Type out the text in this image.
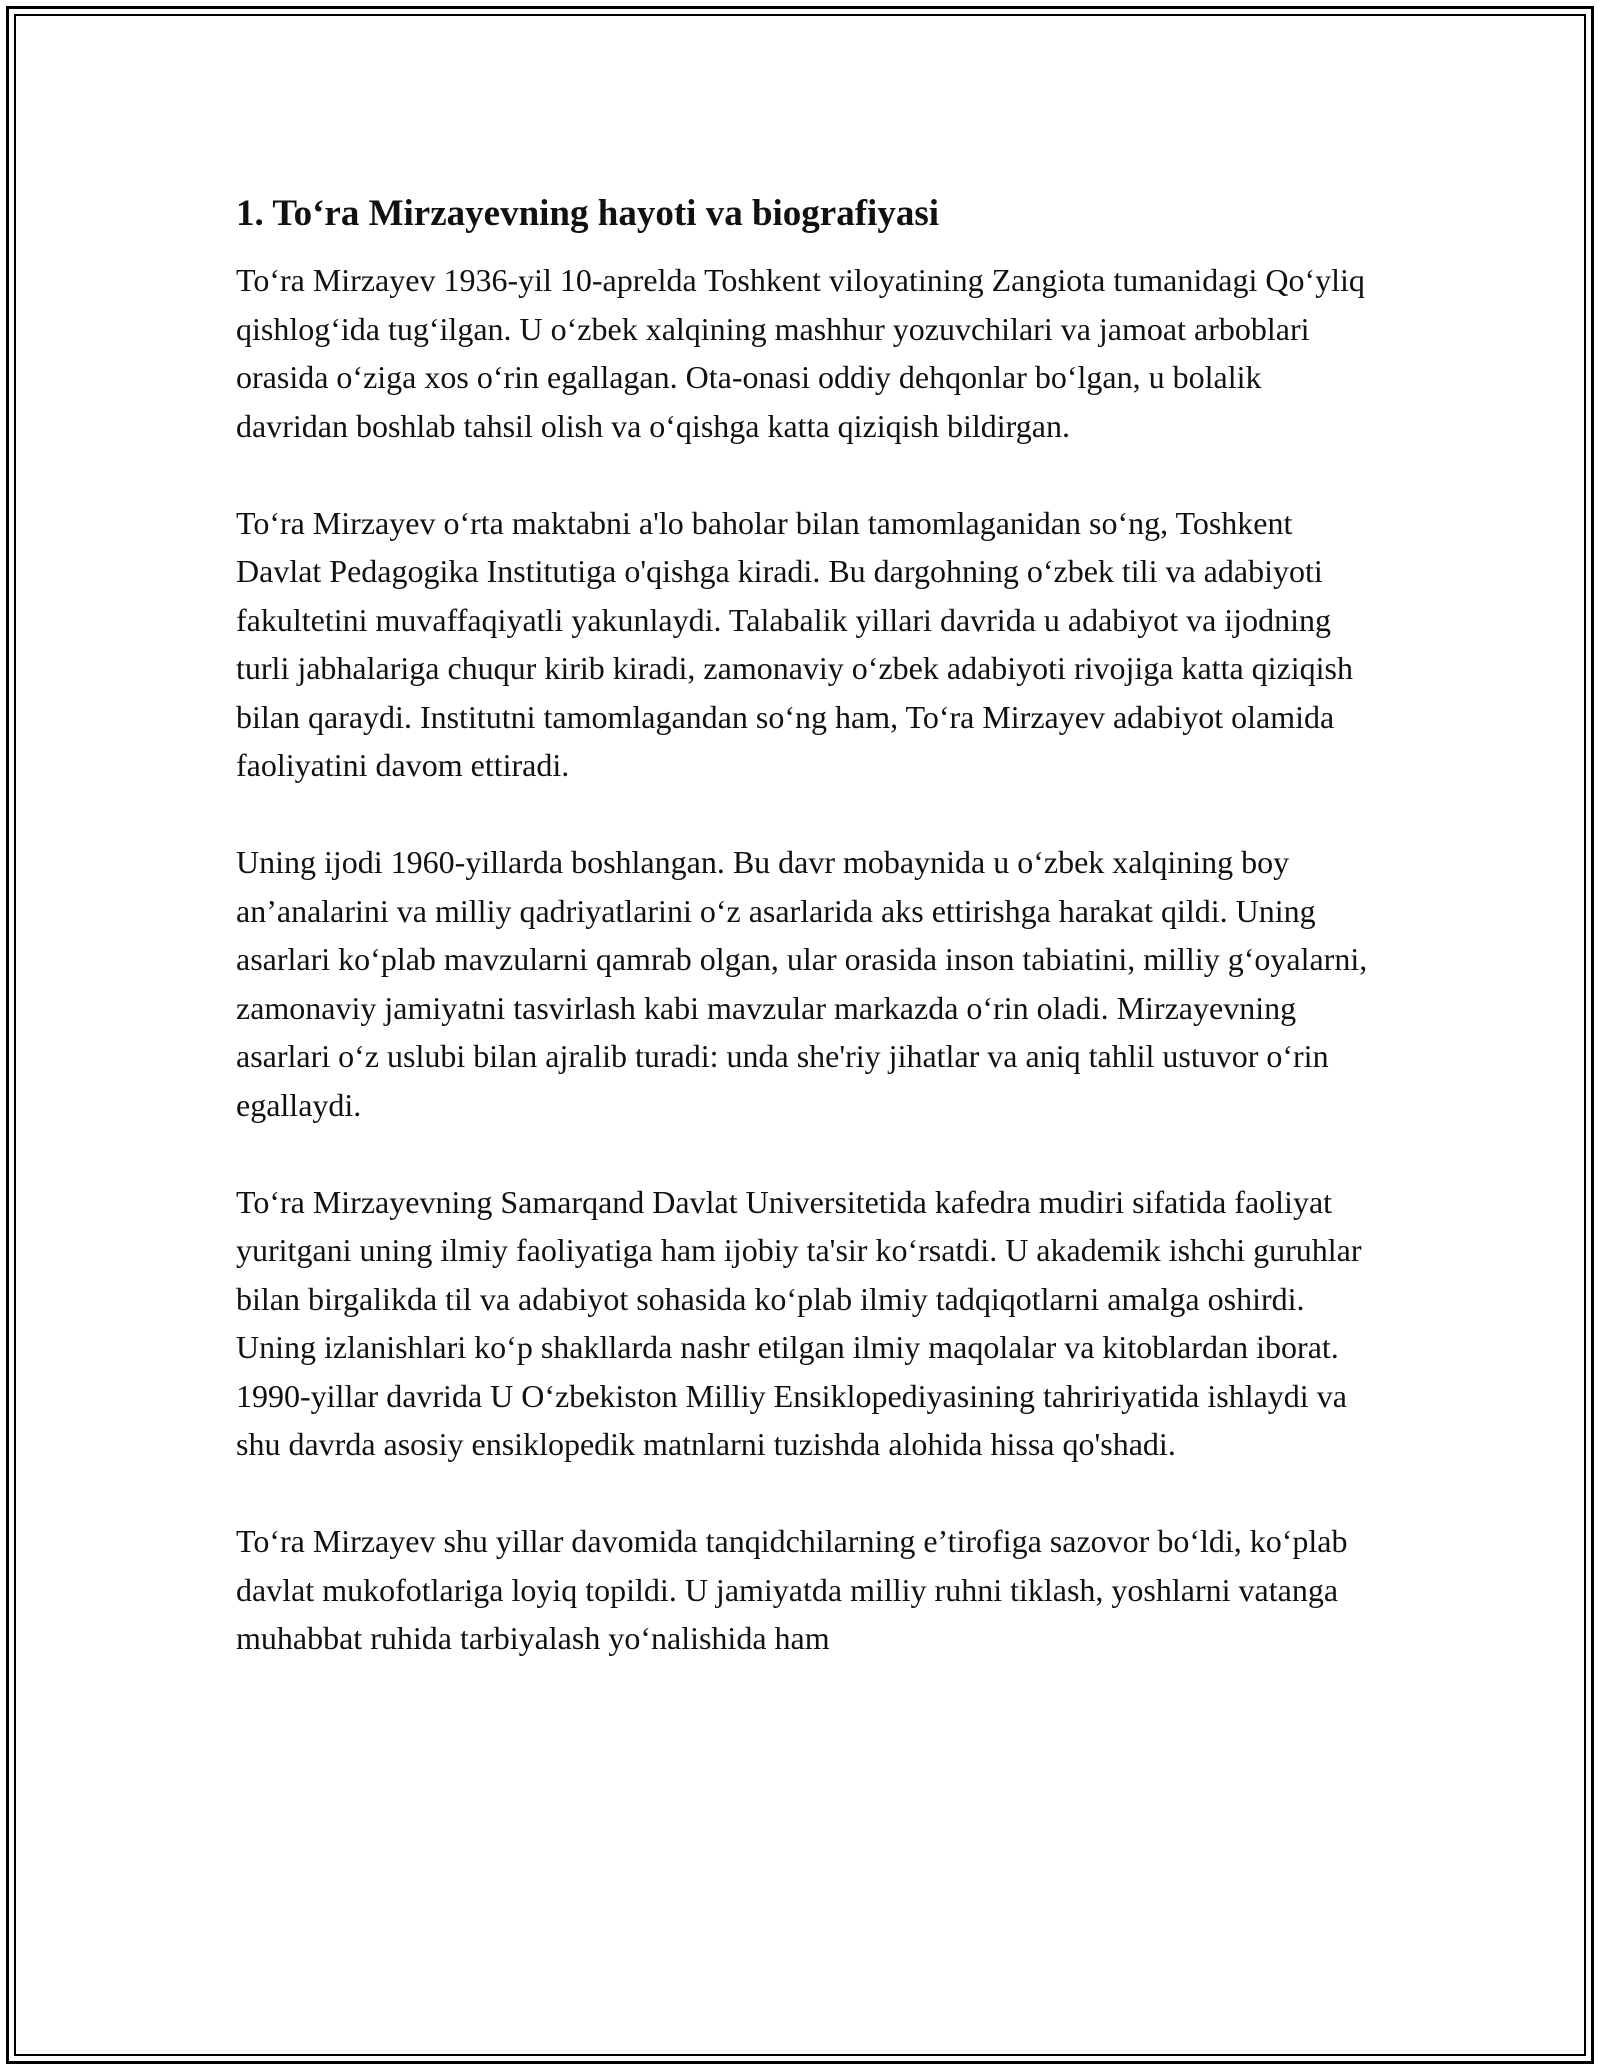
1. To‘ra Mirzayevning hayoti va biografiyasi

To‘ra Mirzayev 1936-yil 10-aprelda Toshkent viloyatining Zangiota tumanidagi Qo‘yliq qishlog‘ida tug‘ilgan. U o‘zbek xalqining mashhur yozuvchilari va jamoat arboblari orasida o‘ziga xos o‘rin egallagan. Ota-onasi oddiy dehqonlar bo‘lgan, u bolalik davridan boshlab tahsil olish va o‘qishga katta qiziqish bildirgan.

To‘ra Mirzayev o‘rta maktabni a'lo baholar bilan tamomlaganidan so‘ng, Toshkent Davlat Pedagogika Institutiga o'qishga kiradi. Bu dargohning o‘zbek tili va adabiyoti fakultetini muvaffaqiyatli yakunlaydi. Talabalik yillari davrida u adabiyot va ijodning turli jabhalariga chuqur kirib kiradi, zamonaviy o‘zbek adabiyoti rivojiga katta qiziqish bilan qaraydi. Institutni tamomlagandan so‘ng ham, To‘ra Mirzayev adabiyot olamida faoliyatini davom ettiradi.

Uning ijodi 1960-yillarda boshlangan. Bu davr mobaynida u o‘zbek xalqining boy an’analarini va milliy qadriyatlarini o‘z asarlarida aks ettirishga harakat qildi. Uning asarlari ko‘plab mavzularni qamrab olgan, ular orasida inson tabiatini, milliy g‘oyalarni, zamonaviy jamiyatni tasvirlash kabi mavzular markazda o‘rin oladi. Mirzayevning asarlari o‘z uslubi bilan ajralib turadi: unda she'riy jihatlar va aniq tahlil ustuvor o‘rin egallaydi.

To‘ra Mirzayevning Samarqand Davlat Universitetida kafedra mudiri sifatida faoliyat yuritgani uning ilmiy faoliyatiga ham ijobiy ta'sir ko‘rsatdi. U akademik ishchi guruhlar bilan birgalikda til va adabiyot sohasida ko‘plab ilmiy tadqiqotlarni amalga oshirdi. Uning izlanishlari ko‘p shakllarda nashr etilgan ilmiy maqolalar va kitoblardan iborat. 1990-yillar davrida U O‘zbekiston Milliy Ensiklopediyasining tahririyatida ishlaydi va shu davrda asosiy ensiklopedik matnlarni tuzishda alohida hissa qo'shadi.

To‘ra Mirzayev shu yillar davomida tanqidchilarning e’tirofiga sazovor bo‘ldi, ko‘plab davlat mukofotlariga loyiq topildi. U jamiyatda milliy ruhni tiklash, yoshlarni vatanga muhabbat ruhida tarbiyalash yo‘nalishida ham
